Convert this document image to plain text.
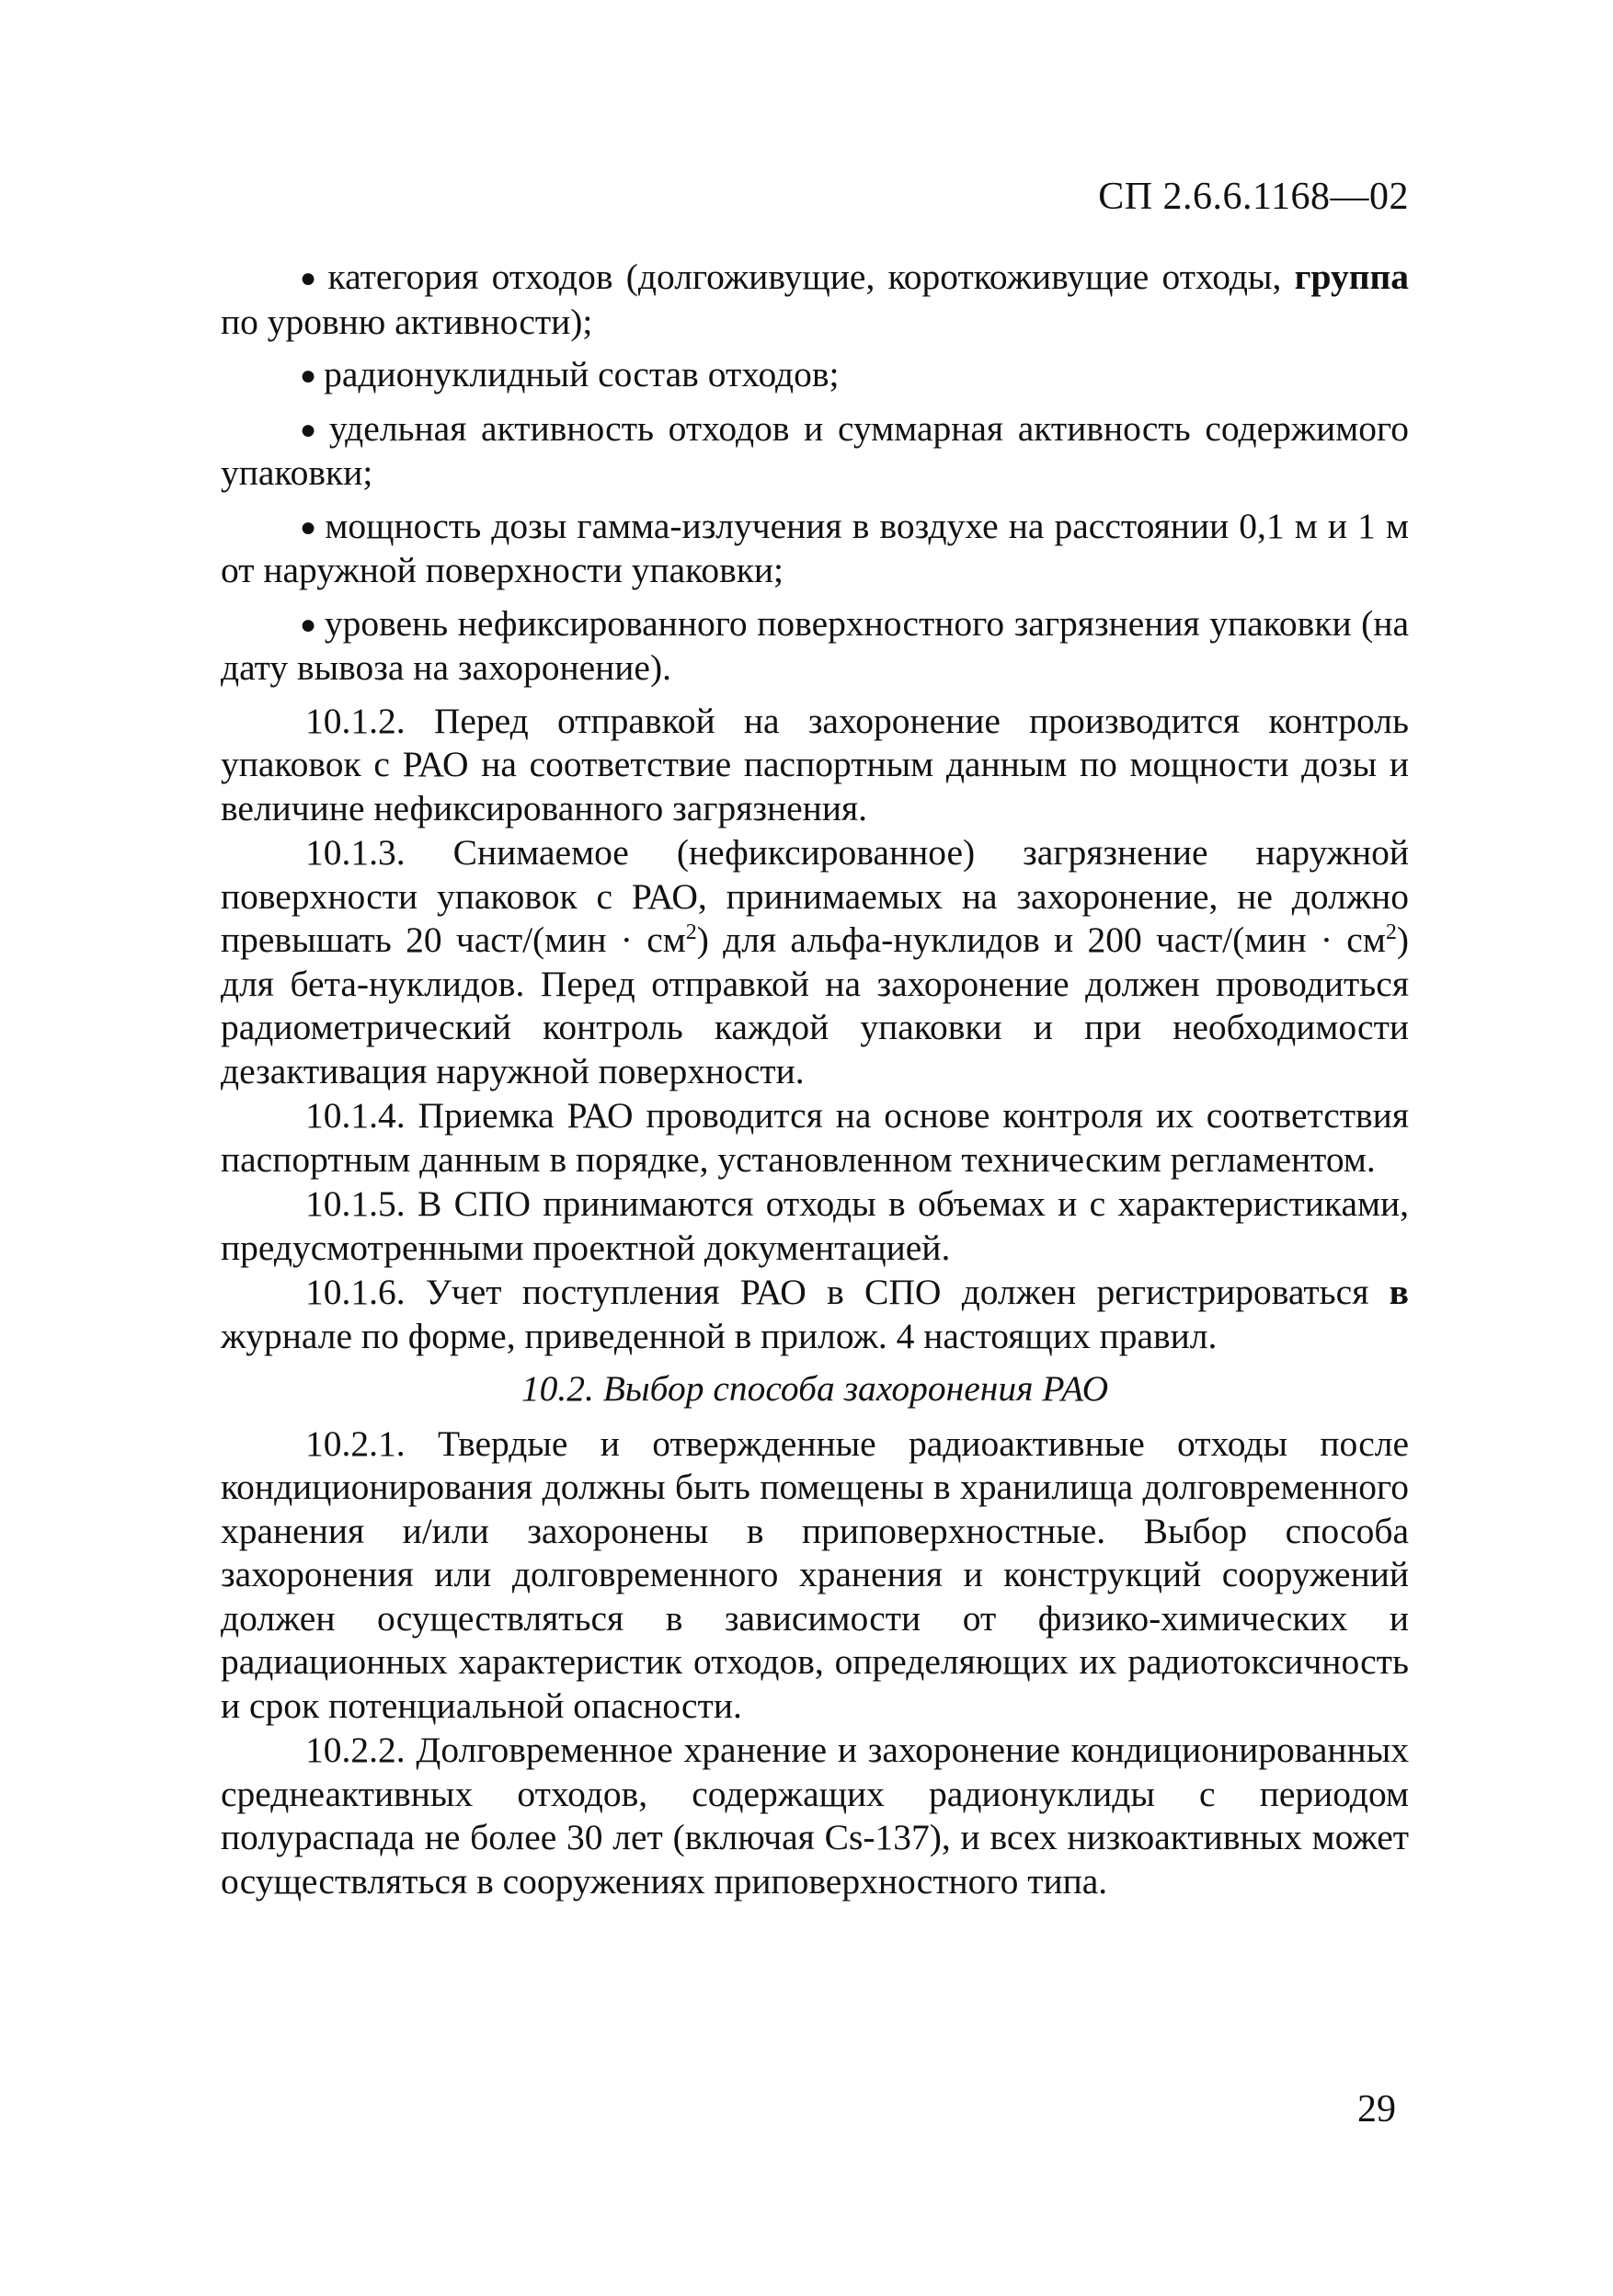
СП 2.6.6.1168—02

● категория отходов (долгоживущие, короткоживущие отходы, группа по уровню активности);

● радионуклидный состав отходов;

● удельная активность отходов и суммарная активность содержимого упаковки;

● мощность дозы гамма-излучения в воздухе на расстоянии 0,1 м и 1 м от наружной поверхности упаковки;

● уровень нефиксированного поверхностного загрязнения упаковки (на дату вывоза на захоронение).

10.1.2. Перед отправкой на захоронение производится контроль упаковок с РАО на соответствие паспортным данным по мощности дозы и величине нефиксированного загрязнения.

10.1.3. Снимаемое (нефиксированное) загрязнение наружной поверхности упаковок с РАО, принимаемых на захоронение, не должно превышать 20 част/(мин · $см^2$) для альфа-нуклидов и 200 част/(мин · $см^2$) для бета-нуклидов. Перед отправкой на захоронение должен проводиться радиометрический контроль каждой упаковки и при необходимости дезактивация наружной поверхности.

10.1.4. Приемка РАО проводится на основе контроля их соответствия паспортным данным в порядке, установленном техническим регламентом.

10.1.5. В СПО принимаются отходы в объемах и с характеристиками, предусмотренными проектной документацией.

10.1.6. Учет поступления РАО в СПО должен регистрироваться в журнале по форме, приведенной в прилож. 4 настоящих правил.

10.2. Выбор способа захоронения РАО

10.2.1. Твердые и отвержденные радиоактивные отходы после кондиционирования должны быть помещены в хранилища долговременного хранения и/или захоронены в приповерхностные. Выбор способа захоронения или долговременного хранения и конструкций сооружений должен осуществляться в зависимости от физико-химических и радиационных характеристик отходов, определяющих их радиотоксичность и срок потенциальной опасности.

10.2.2. Долговременное хранение и захоронение кондиционированных среднеактивных отходов, содержащих радионуклиды с периодом полураспада не более 30 лет (включая Cs-137), и всех низкоактивных может осуществляться в сооружениях приповерхностного типа.

29
